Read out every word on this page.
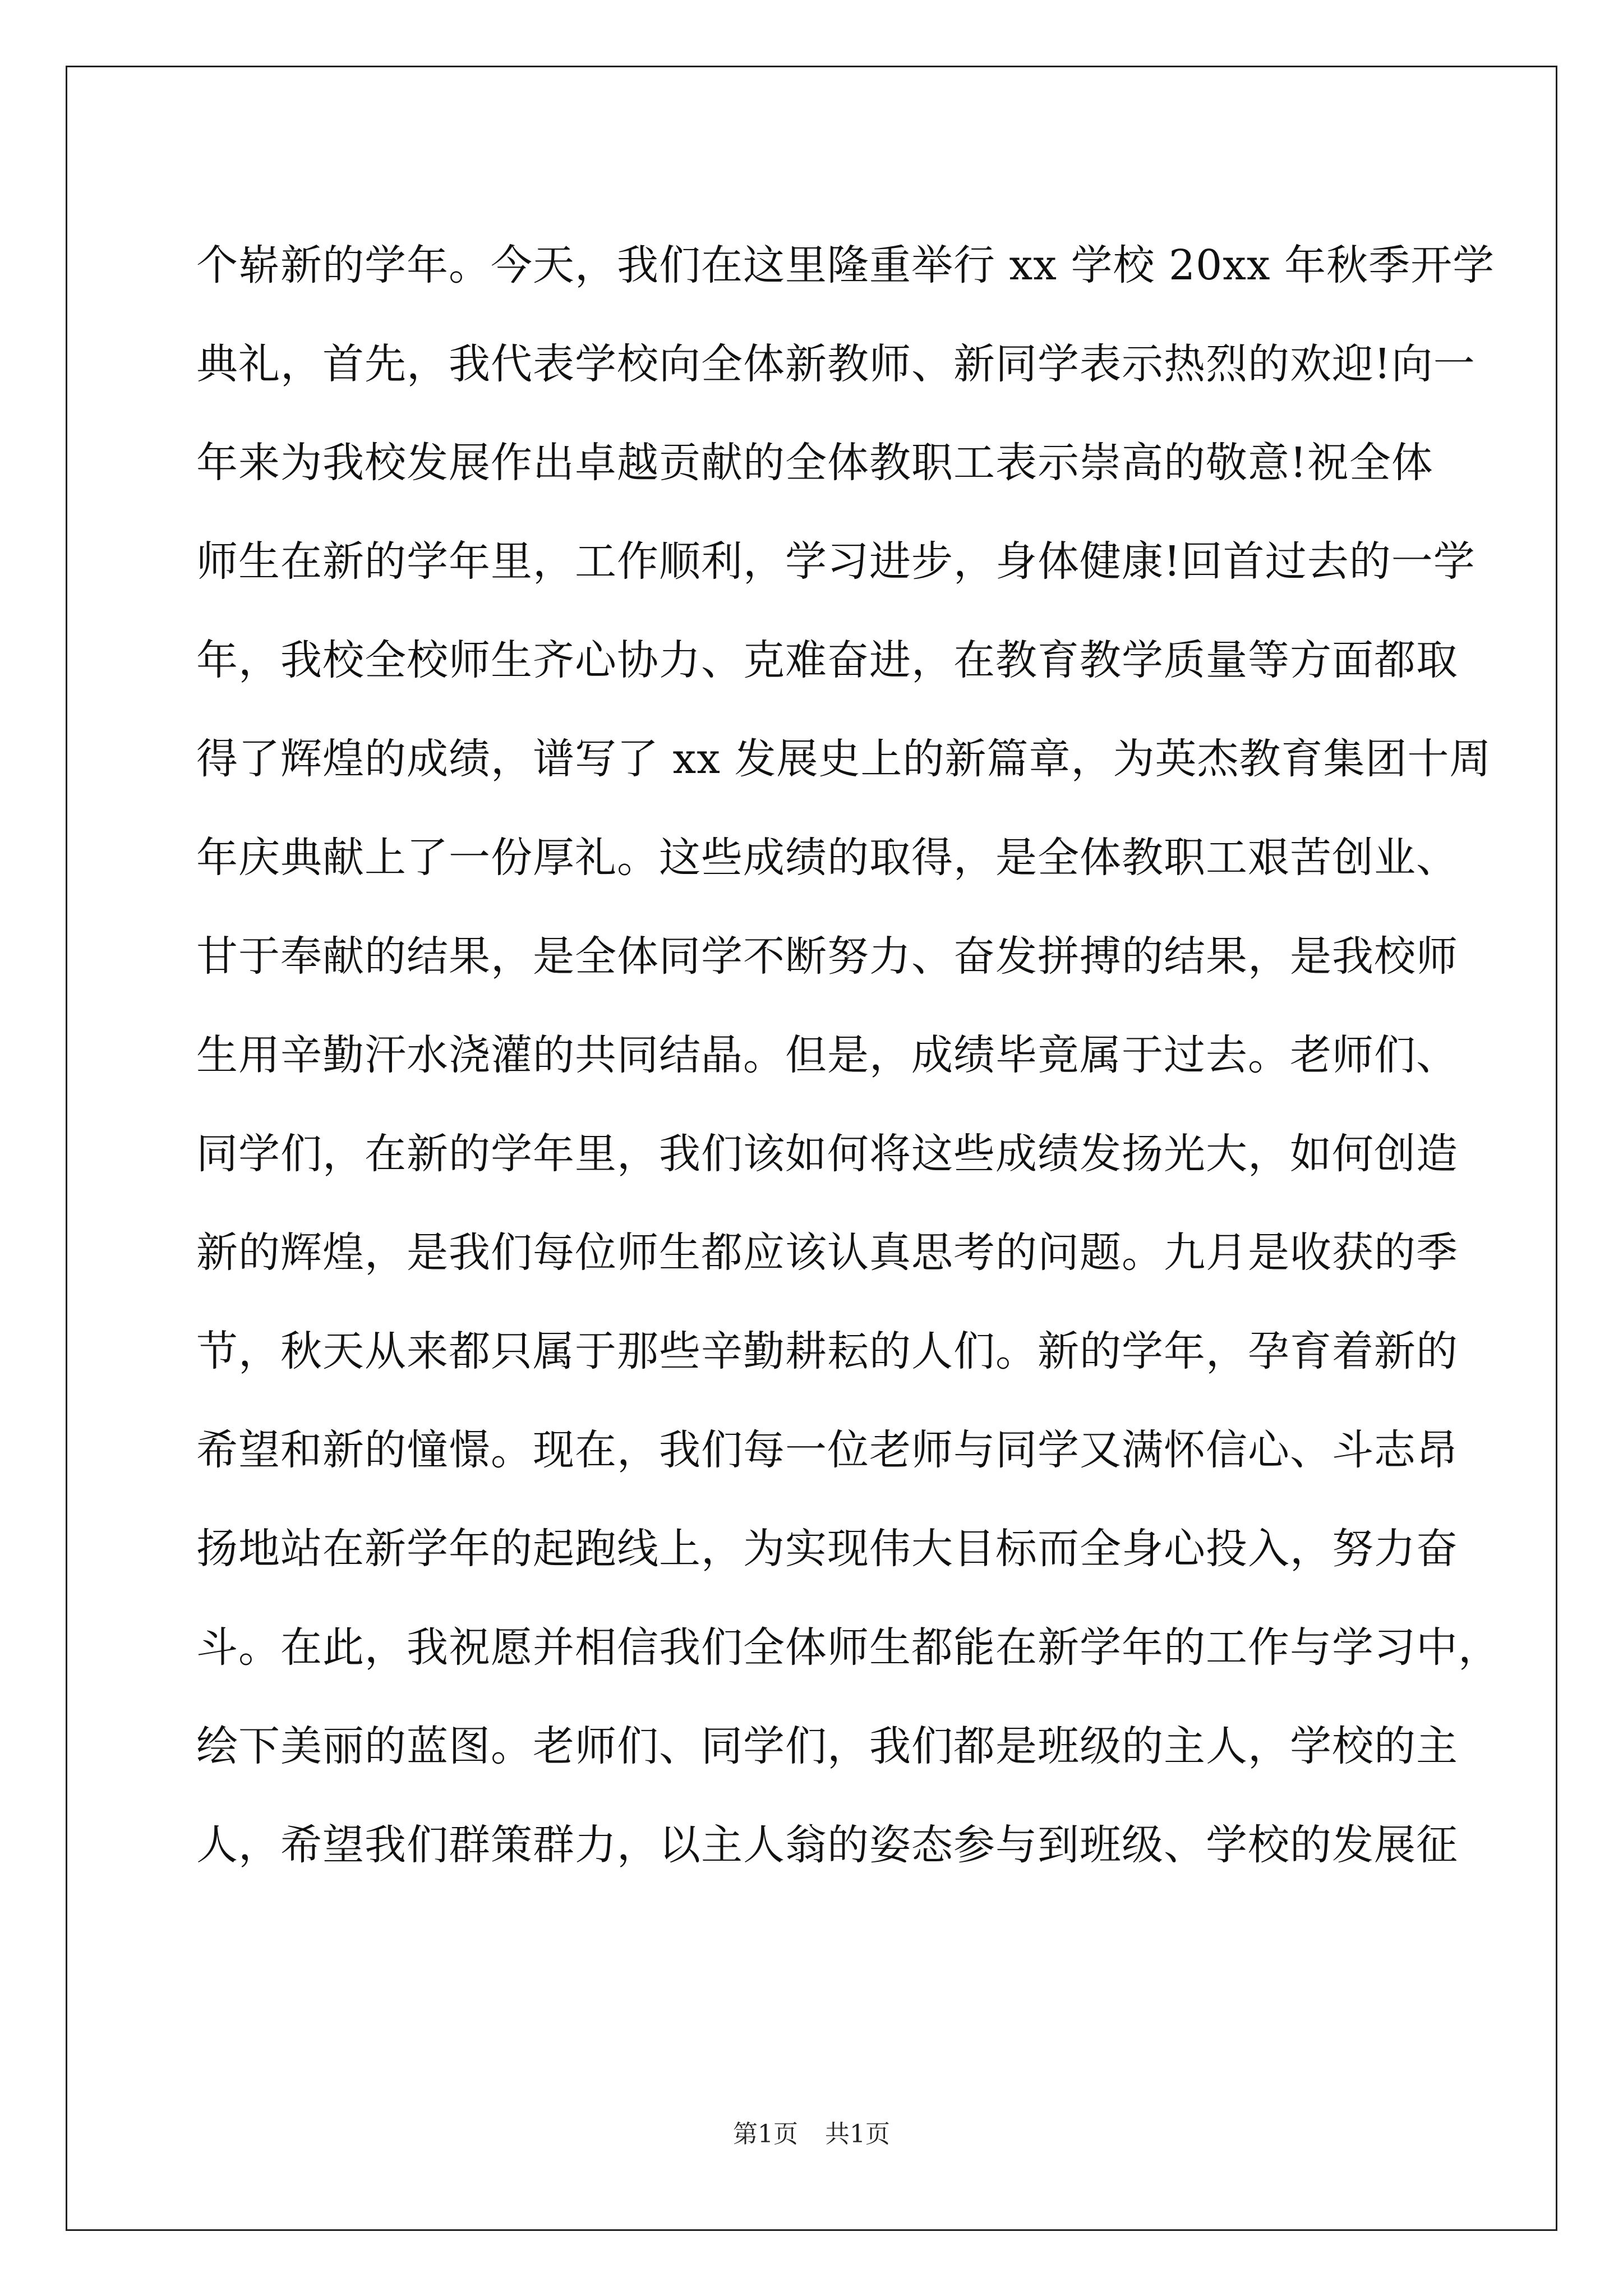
个崭新的学年。今天，我们在这里隆重举行 xx 学校 20xx 年秋季开学
典礼，首先，我代表学校向全体新教师、新同学表示热烈的欢迎!向一
年来为我校发展作出卓越贡献的全体教职工表示崇高的敬意!祝全体
师生在新的学年里，工作顺利，学习进步，身体健康!回首过去的一学
年，我校全校师生齐心协力、克难奋进，在教育教学质量等方面都取
得了辉煌的成绩，谱写了 xx 发展史上的新篇章，为英杰教育集团十周
年庆典献上了一份厚礼。这些成绩的取得，是全体教职工艰苦创业、
甘于奉献的结果，是全体同学不断努力、奋发拼搏的结果，是我校师
生用辛勤汗水浇灌的共同结晶。但是，成绩毕竟属于过去。老师们、
同学们，在新的学年里，我们该如何将这些成绩发扬光大，如何创造
新的辉煌，是我们每位师生都应该认真思考的问题。九月是收获的季
节，秋天从来都只属于那些辛勤耕耘的人们。新的学年，孕育着新的
希望和新的憧憬。现在，我们每一位老师与同学又满怀信心、斗志昂
扬地站在新学年的起跑线上，为实现伟大目标而全身心投入，努力奋
斗。在此，我祝愿并相信我们全体师生都能在新学年的工作与学习中，
绘下美丽的蓝图。老师们、同学们，我们都是班级的主人，学校的主
人，希望我们群策群力，以主人翁的姿态参与到班级、学校的发展征
第1页 共1页
